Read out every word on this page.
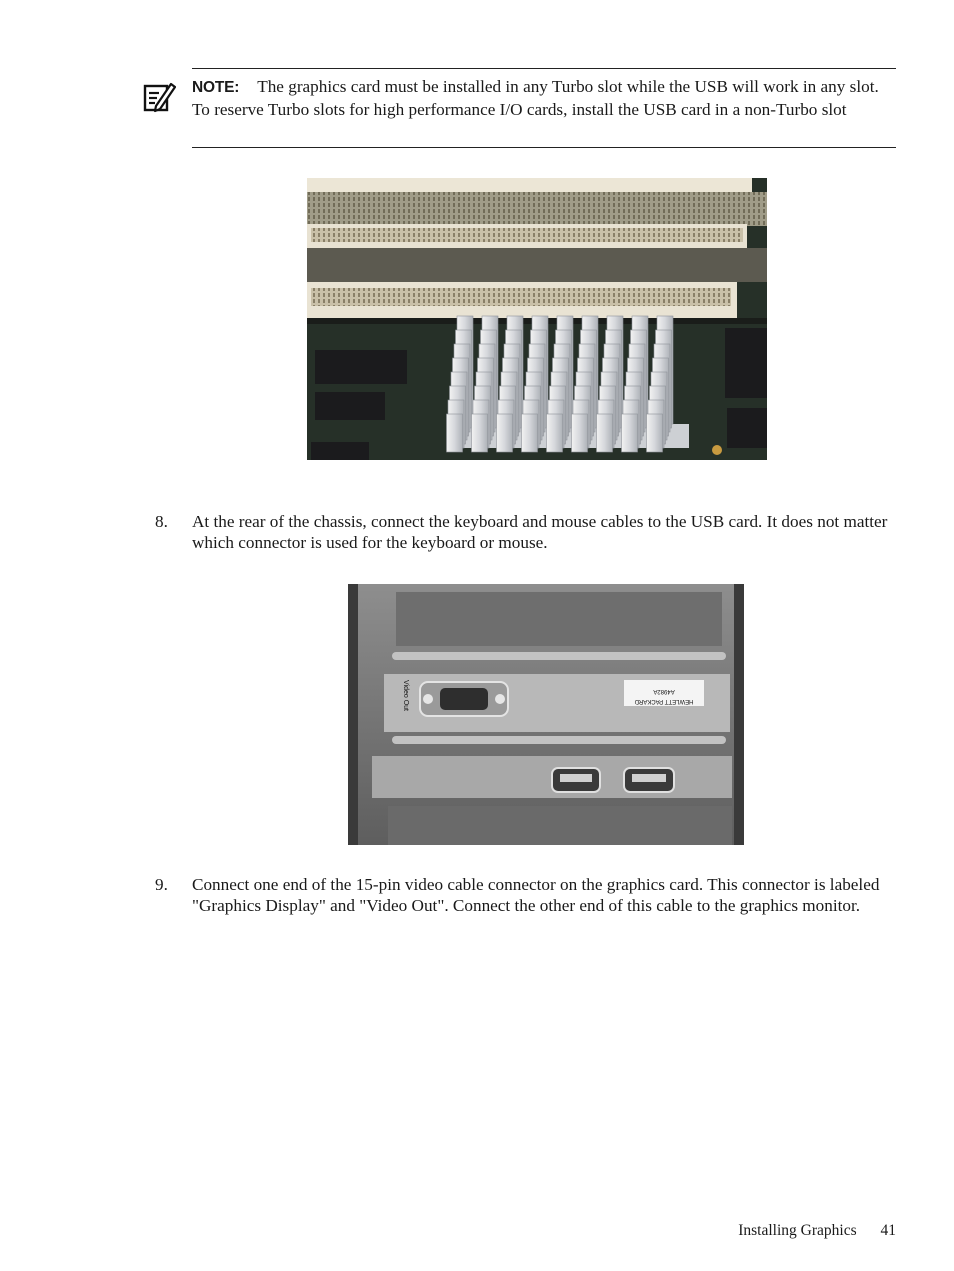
NOTE: The graphics card must be installed in any Turbo slot while the USB will work in any slot. To reserve Turbo slots for high performance I/O cards, install the USB card in a non-Turbo slot
8. At the rear of the chassis, connect the keyboard and mouse cables to the USB card. It does not matter which connector is used for the keyboard or mouse.
Video Out	A4982A
HEWLETT PACKARD
9. Connect one end of the 15-pin video cable connector on the graphics card. This connector is labeled "Graphics Display" and "Video Out". Connect the other end of this cable to the graphics monitor.
Installing Graphics 41
